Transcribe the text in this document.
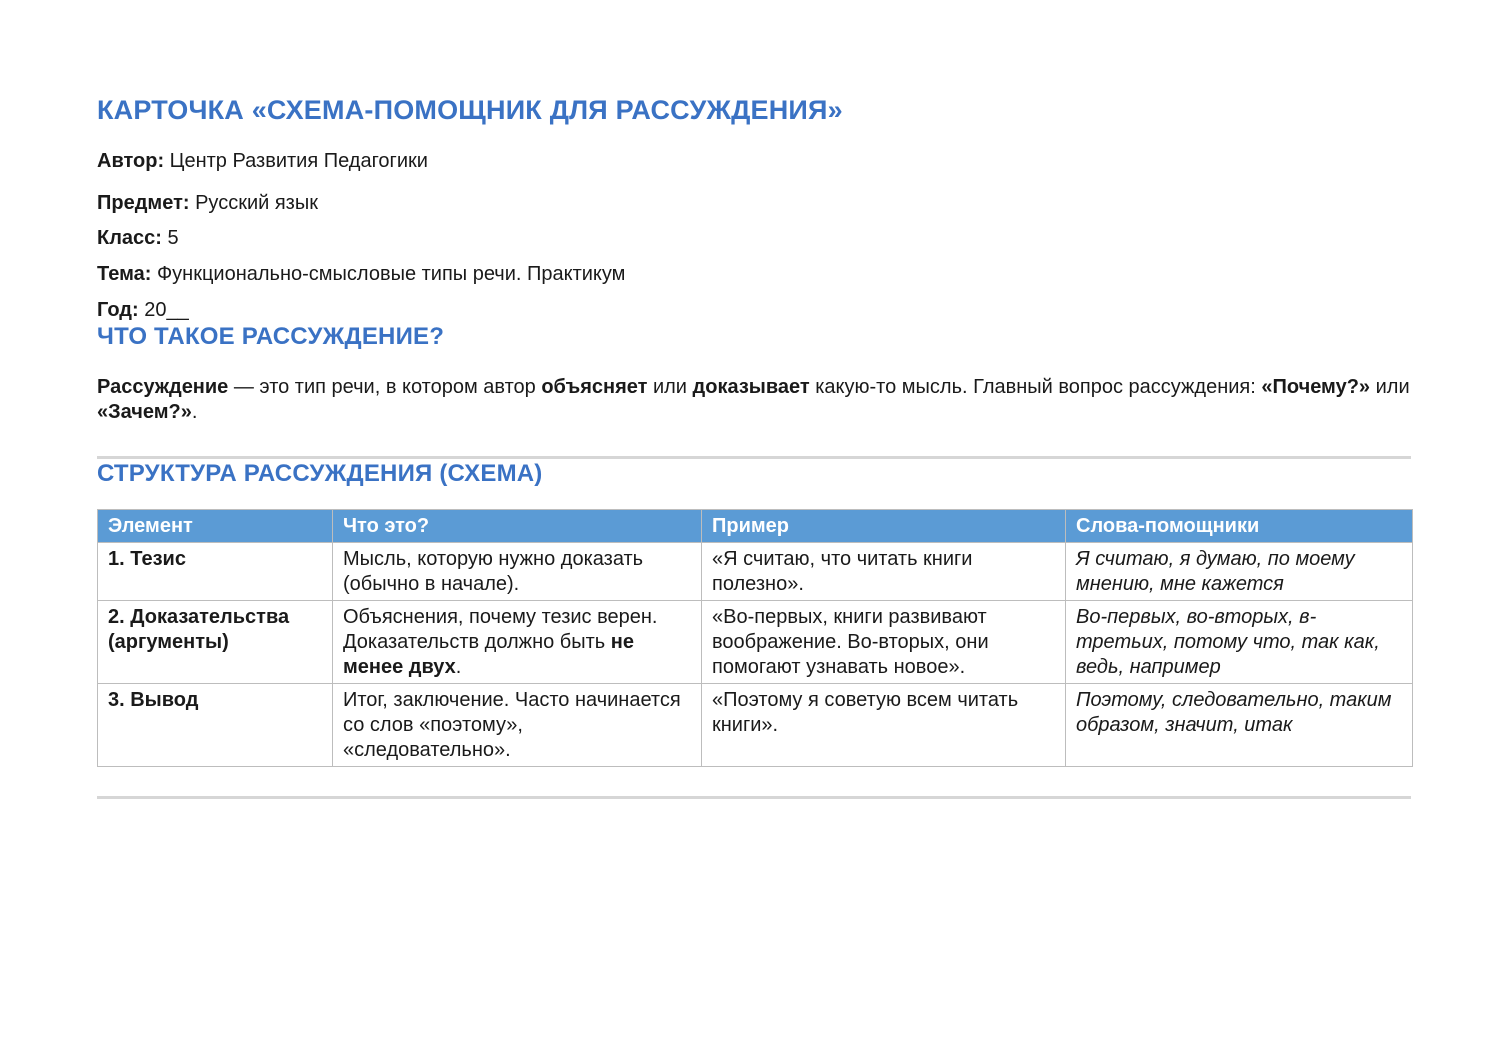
КАРТОЧКА «СХЕМА-ПОМОЩНИК ДЛЯ РАССУЖДЕНИЯ»

Автор: Центр Развития Педагогики

Предмет: Русский язык

Класс: 5

Тема: Функционально-смысловые типы речи. Практикум

Год: 20__

ЧТО ТАКОЕ РАССУЖДЕНИЕ?

Рассуждение — это тип речи, в котором автор объясняет или доказывает какую-то мысль. Главный вопрос рассуждения: «Почему?» или «Зачем?».

СТРУКТУРА РАССУЖДЕНИЯ (СХЕМА)
Элемент	Что это?	Пример	Слова-помощники
1. Тезис	Мысль, которую нужно доказать (обычно в начале).	«Я считаю, что читать книги полезно».	Я считаю, я думаю, по моему мнению, мне кажется
2. Доказательства (аргументы)	Объяснения, почему тезис верен. Доказательств должно быть не менее двух.	«Во-первых, книги развивают воображение. Во-вторых, они помогают узнавать новое».	Во-первых, во-вторых, в-третьих, потому что, так как, ведь, например
3. Вывод	Итог, заключение. Часто начинается со слов «поэтому», «следовательно».	«Поэтому я советую всем читать книги».	Поэтому, следовательно, таким образом, значит, итак
